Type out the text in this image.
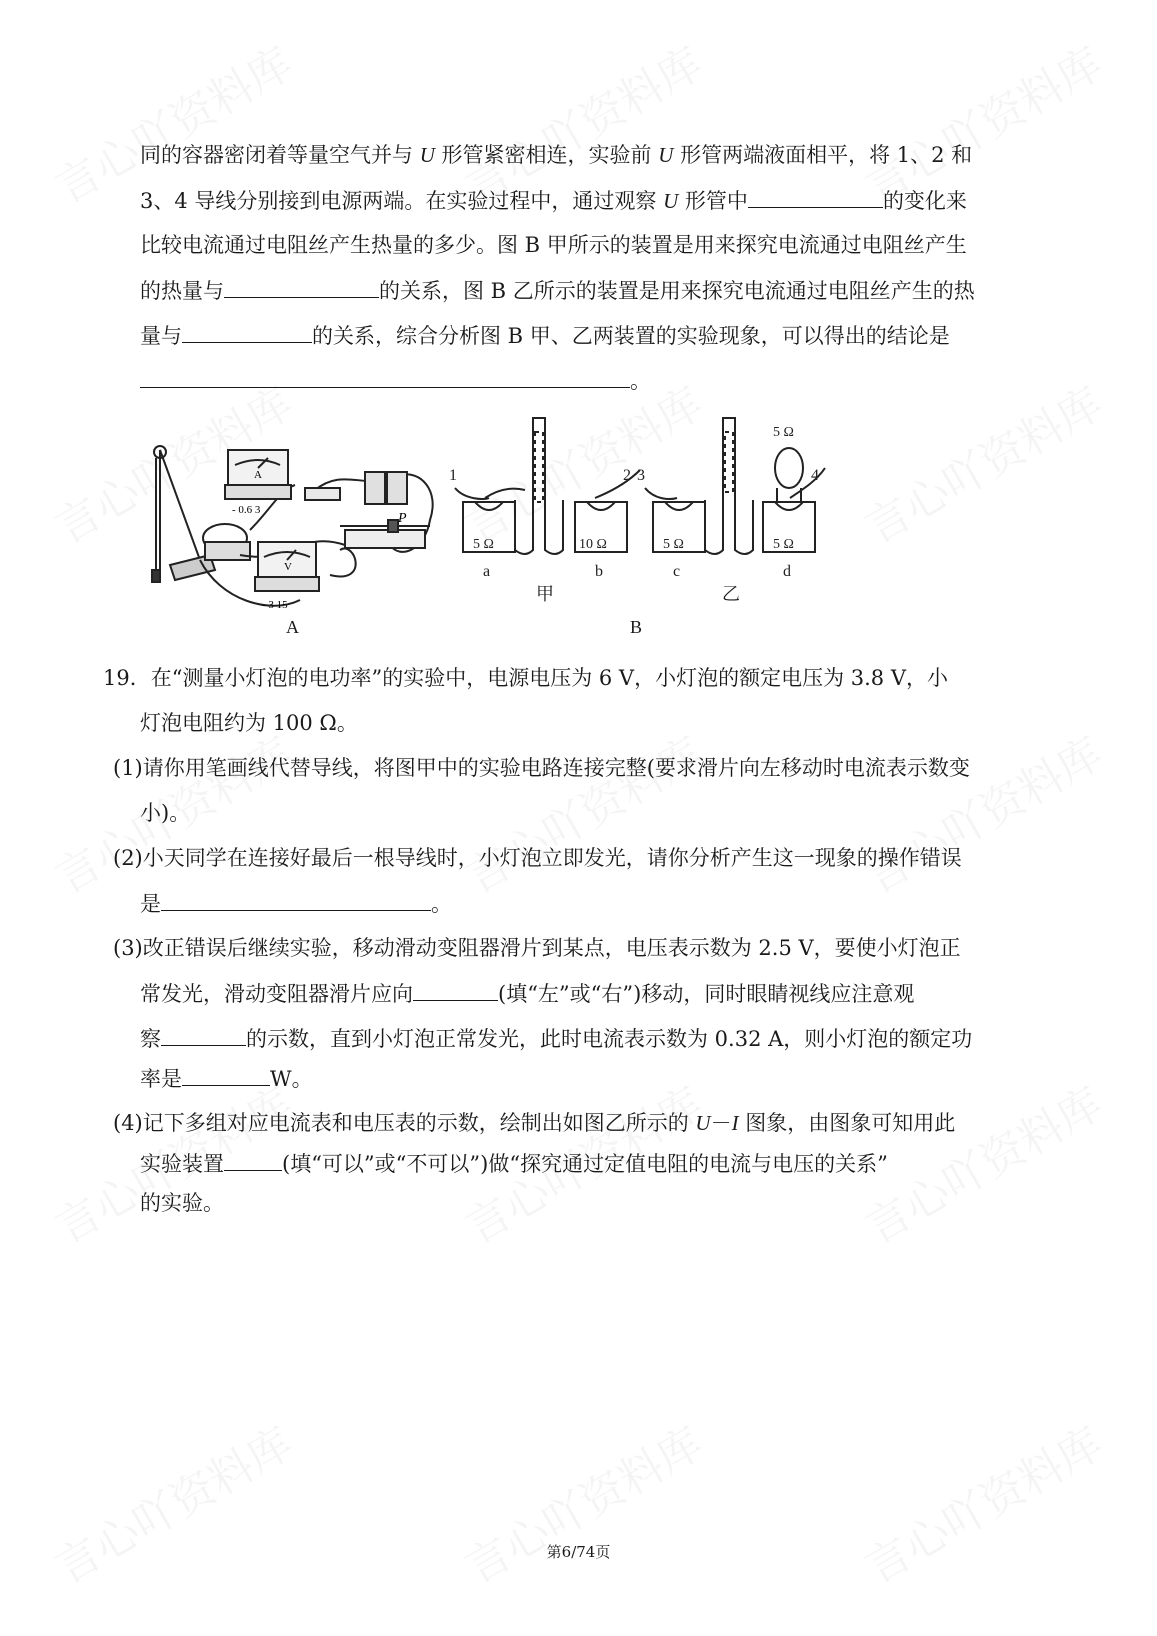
同的容器密闭着等量空气并与 U 形管紧密相连，实验前 U 形管两端液面相平，将 1、2 和
3、4 导线分别接到电源两端。在实验过程中，通过观察 U 形管中	的变化来
比较电流通过电阻丝产生热量的多少。图 B 甲所示的装置是用来探究电流通过电阻丝产生
的热量与	的关系，图 B 乙所示的装置是用来探究电流通过电阻丝产生的热
量与	的关系，综合分析图 B 甲、乙两装置的实验现象，可以得出的结论是
。
A
- 0.6 3
V
- 3 15
P
A
1	2 3	4
5 Ω	10 Ω	5 Ω	5 Ω
5 Ω
a	b	c	d
甲	乙
B
19．在“测量小灯泡的电功率”的实验中，电源电压为 6 V，小灯泡的额定电压为 3.8 V，小
灯泡电阻约为 100 Ω。
(1)请你用笔画线代替导线，将图甲中的实验电路连接完整(要求滑片向左移动时电流表示数变
小)。
(2)小天同学在连接好最后一根导线时，小灯泡立即发光，请你分析产生这一现象的操作错误
是	。
(3)改正错误后继续实验，移动滑动变阻器滑片到某点，电压表示数为 2.5 V，要使小灯泡正
常发光，滑动变阻器滑片应向	(填“左”或“右”)移动，同时眼睛视线应注意观
察	的示数，直到小灯泡正常发光，此时电流表示数为 0.32 A，则小灯泡的额定功
率是	W。
(4)记下多组对应电流表和电压表的示数，绘制出如图乙所示的 U－I 图象，由图象可知用此
实验装置	(填“可以”或“不可以”)做“探究通过定值电阻的电流与电压的关系”
的实验。
第6/74页
